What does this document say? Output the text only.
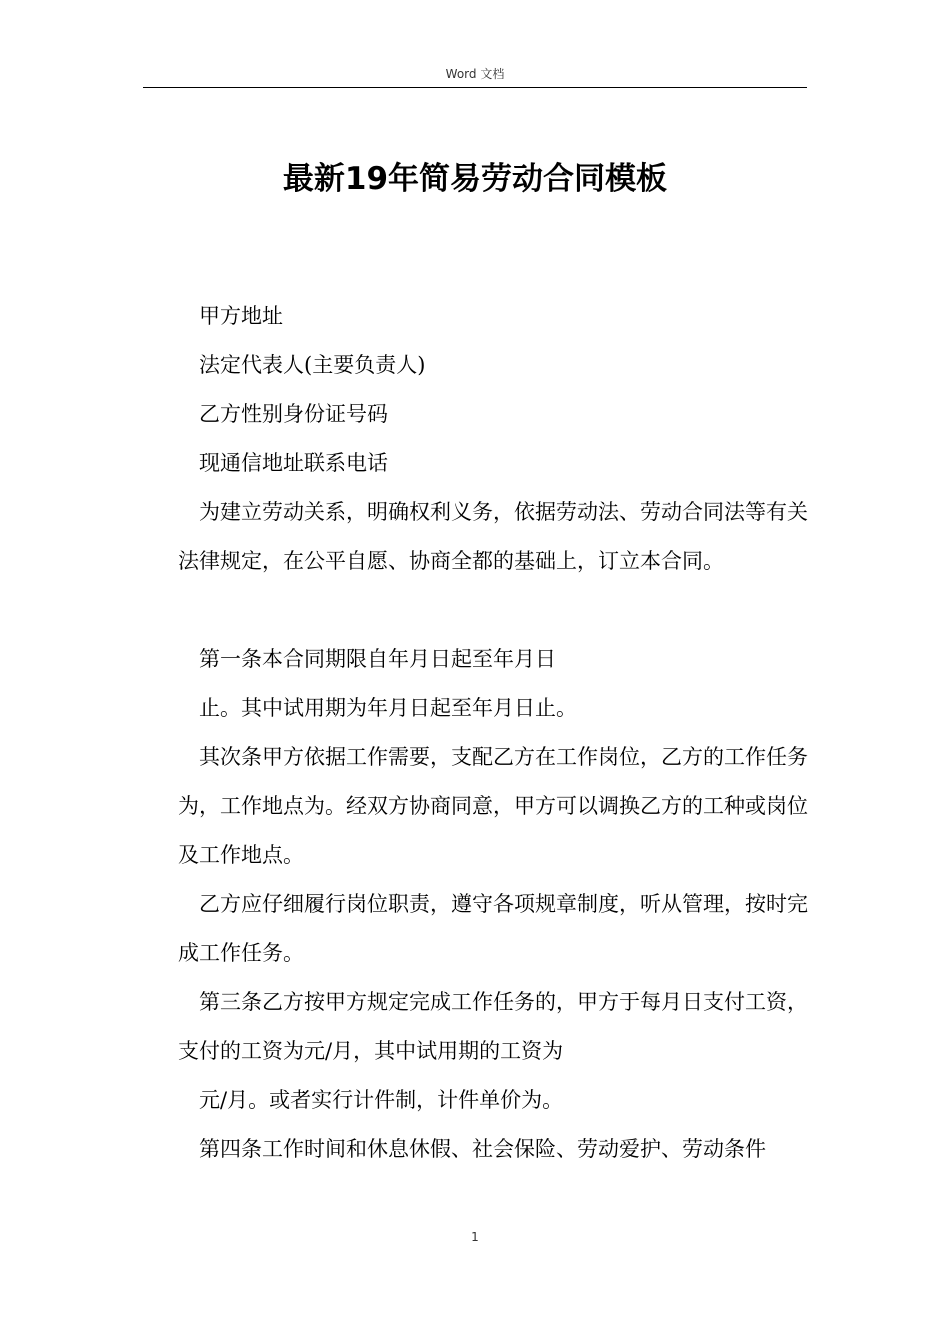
Word 文档
最新19年简易劳动合同模板

甲方地址

法定代表人(主要负责人)

乙方性别身份证号码

现通信地址联系电话

为建立劳动关系，明确权利义务，依据劳动法、劳动合同法等有关法律规定，在公平自愿、协商全都的基础上，订立本合同。

第一条本合同期限自年月日起至年月日

止。其中试用期为年月日起至年月日止。

其次条甲方依据工作需要，支配乙方在工作岗位，乙方的工作任务为，工作地点为。经双方协商同意，甲方可以调换乙方的工种或岗位及工作地点。

乙方应仔细履行岗位职责，遵守各项规章制度，听从管理，按时完成工作任务。

第三条乙方按甲方规定完成工作任务的，甲方于每月日支付工资，支付的工资为元/月，其中试用期的工资为

元/月。或者实行计件制，计件单价为。

第四条工作时间和休息休假、社会保险、劳动爱护、劳动条件

1
